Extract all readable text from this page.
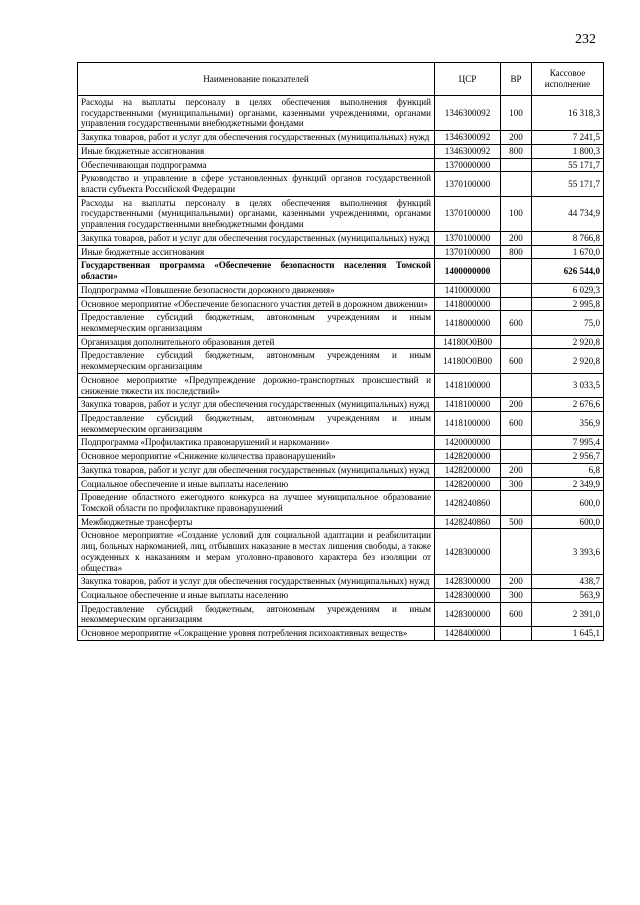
232
Наименование показателей	ЦСР	ВР	Кассовое исполнение
Расходы на выплаты персоналу в целях обеспечения выполнения функций государственными (муниципальными) органами, казенными учреждениями, органами управления государственными внебюджетными фондами	1346300092	100	16 318,3
Закупка товаров, работ и услуг для обеспечения государственных (муниципальных) нужд	1346300092	200	7 241,5
Иные бюджетные ассигнования	1346300092	800	1 800,3
Обеспечивающая подпрограмма	1370000000		55 171,7
Руководство и управление в сфере установленных функций органов государственной власти субъекта Российской Федерации	1370100000		55 171,7
Расходы на выплаты персоналу в целях обеспечения выполнения функций государственными (муниципальными) органами, казенными учреждениями, органами управления государственными внебюджетными фондами	1370100000	100	44 734,9
Закупка товаров, работ и услуг для обеспечения государственных (муниципальных) нужд	1370100000	200	8 766,8
Иные бюджетные ассигнования	1370100000	800	1 670,0
Государственная программа «Обеспечение безопасности населения Томской области»	1400000000		626 544,0
Подпрограмма «Повышение безопасности дорожного движения»	1410000000		6 029,3
Основное мероприятие «Обеспечение безопасного участия детей в дорожном движении»	1418000000		2 995,8
Предоставление субсидий бюджетным, автономным учреждениям и иным некоммерческим организациям	1418000000	600	75,0
Организация дополнительного образования детей	14180О0В00		2 920,8
Предоставление субсидий бюджетным, автономным учреждениям и иным некоммерческим организациям	14180О0В00	600	2 920,8
Основное мероприятие «Предупреждение дорожно-транспортных происшествий и снижение тяжести их последствий»	1418100000		3 033,5
Закупка товаров, работ и услуг для обеспечения государственных (муниципальных) нужд	1418100000	200	2 676,6
Предоставление субсидий бюджетным, автономным учреждениям и иным некоммерческим организациям	1418100000	600	356,9
Подпрограмма «Профилактика правонарушений и наркомании»	1420000000		7 995,4
Основное мероприятие «Снижение количества правонарушений»	1428200000		2 956,7
Закупка товаров, работ и услуг для обеспечения государственных (муниципальных) нужд	1428200000	200	6,8
Социальное обеспечение и иные выплаты населению	1428200000	300	2 349,9
Проведение областного ежегодного конкурса на лучшее муниципальное образование Томской области по профилактике правонарушений	1428240860		600,0
Межбюджетные трансферты	1428240860	500	600,0
Основное мероприятие «Создание условий для социальной адаптации и реабилитации лиц, больных наркоманией, лиц, отбывших наказание в местах лишения свободы, а также осужденных к наказаниям и мерам уголовно-правового характера без изоляции от общества»	1428300000		3 393,6
Закупка товаров, работ и услуг для обеспечения государственных (муниципальных) нужд	1428300000	200	438,7
Социальное обеспечение и иные выплаты населению	1428300000	300	563,9
Предоставление субсидий бюджетным, автономным учреждениям и иным некоммерческим организациям	1428300000	600	2 391,0
Основное мероприятие «Сокращение уровня потребления психоактивных веществ»	1428400000		1 645,1
